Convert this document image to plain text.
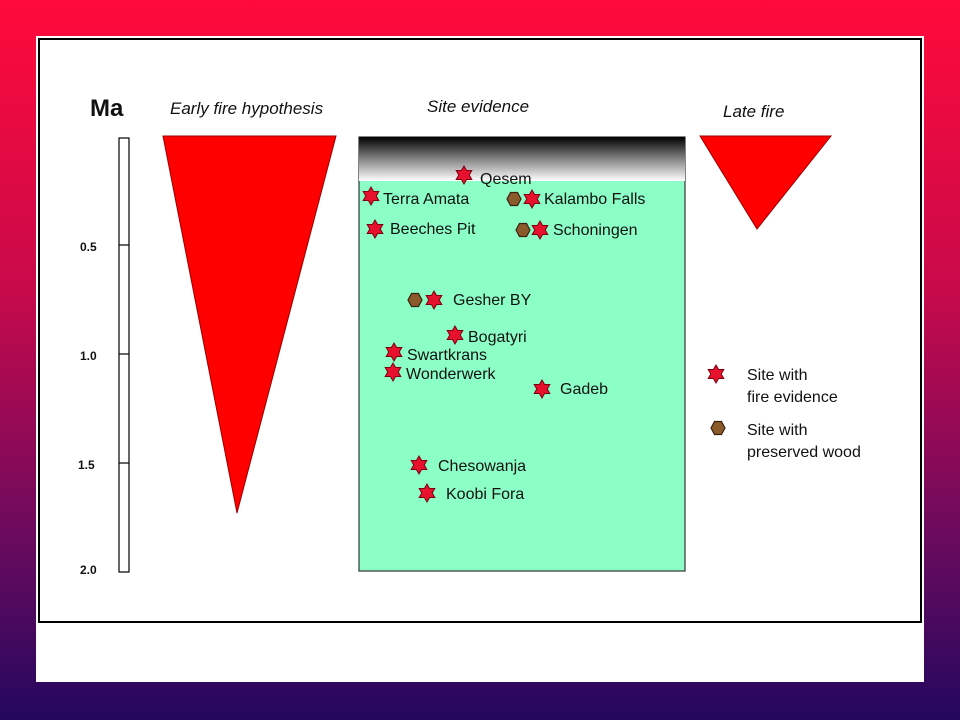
Ma
0.5
1.0
1.5
2.0
Early fire hypothesis	Site evidence	Late fire
Qesem
Terra Amata	Kalambo Falls
Beeches Pit	Schoningen
Gesher BY
Bogatyri
Swartkrans
Wonderwerk
Gadeb
Chesowanja
Koobi Fora
Site with
fire evidence
Site with
preserved wood
